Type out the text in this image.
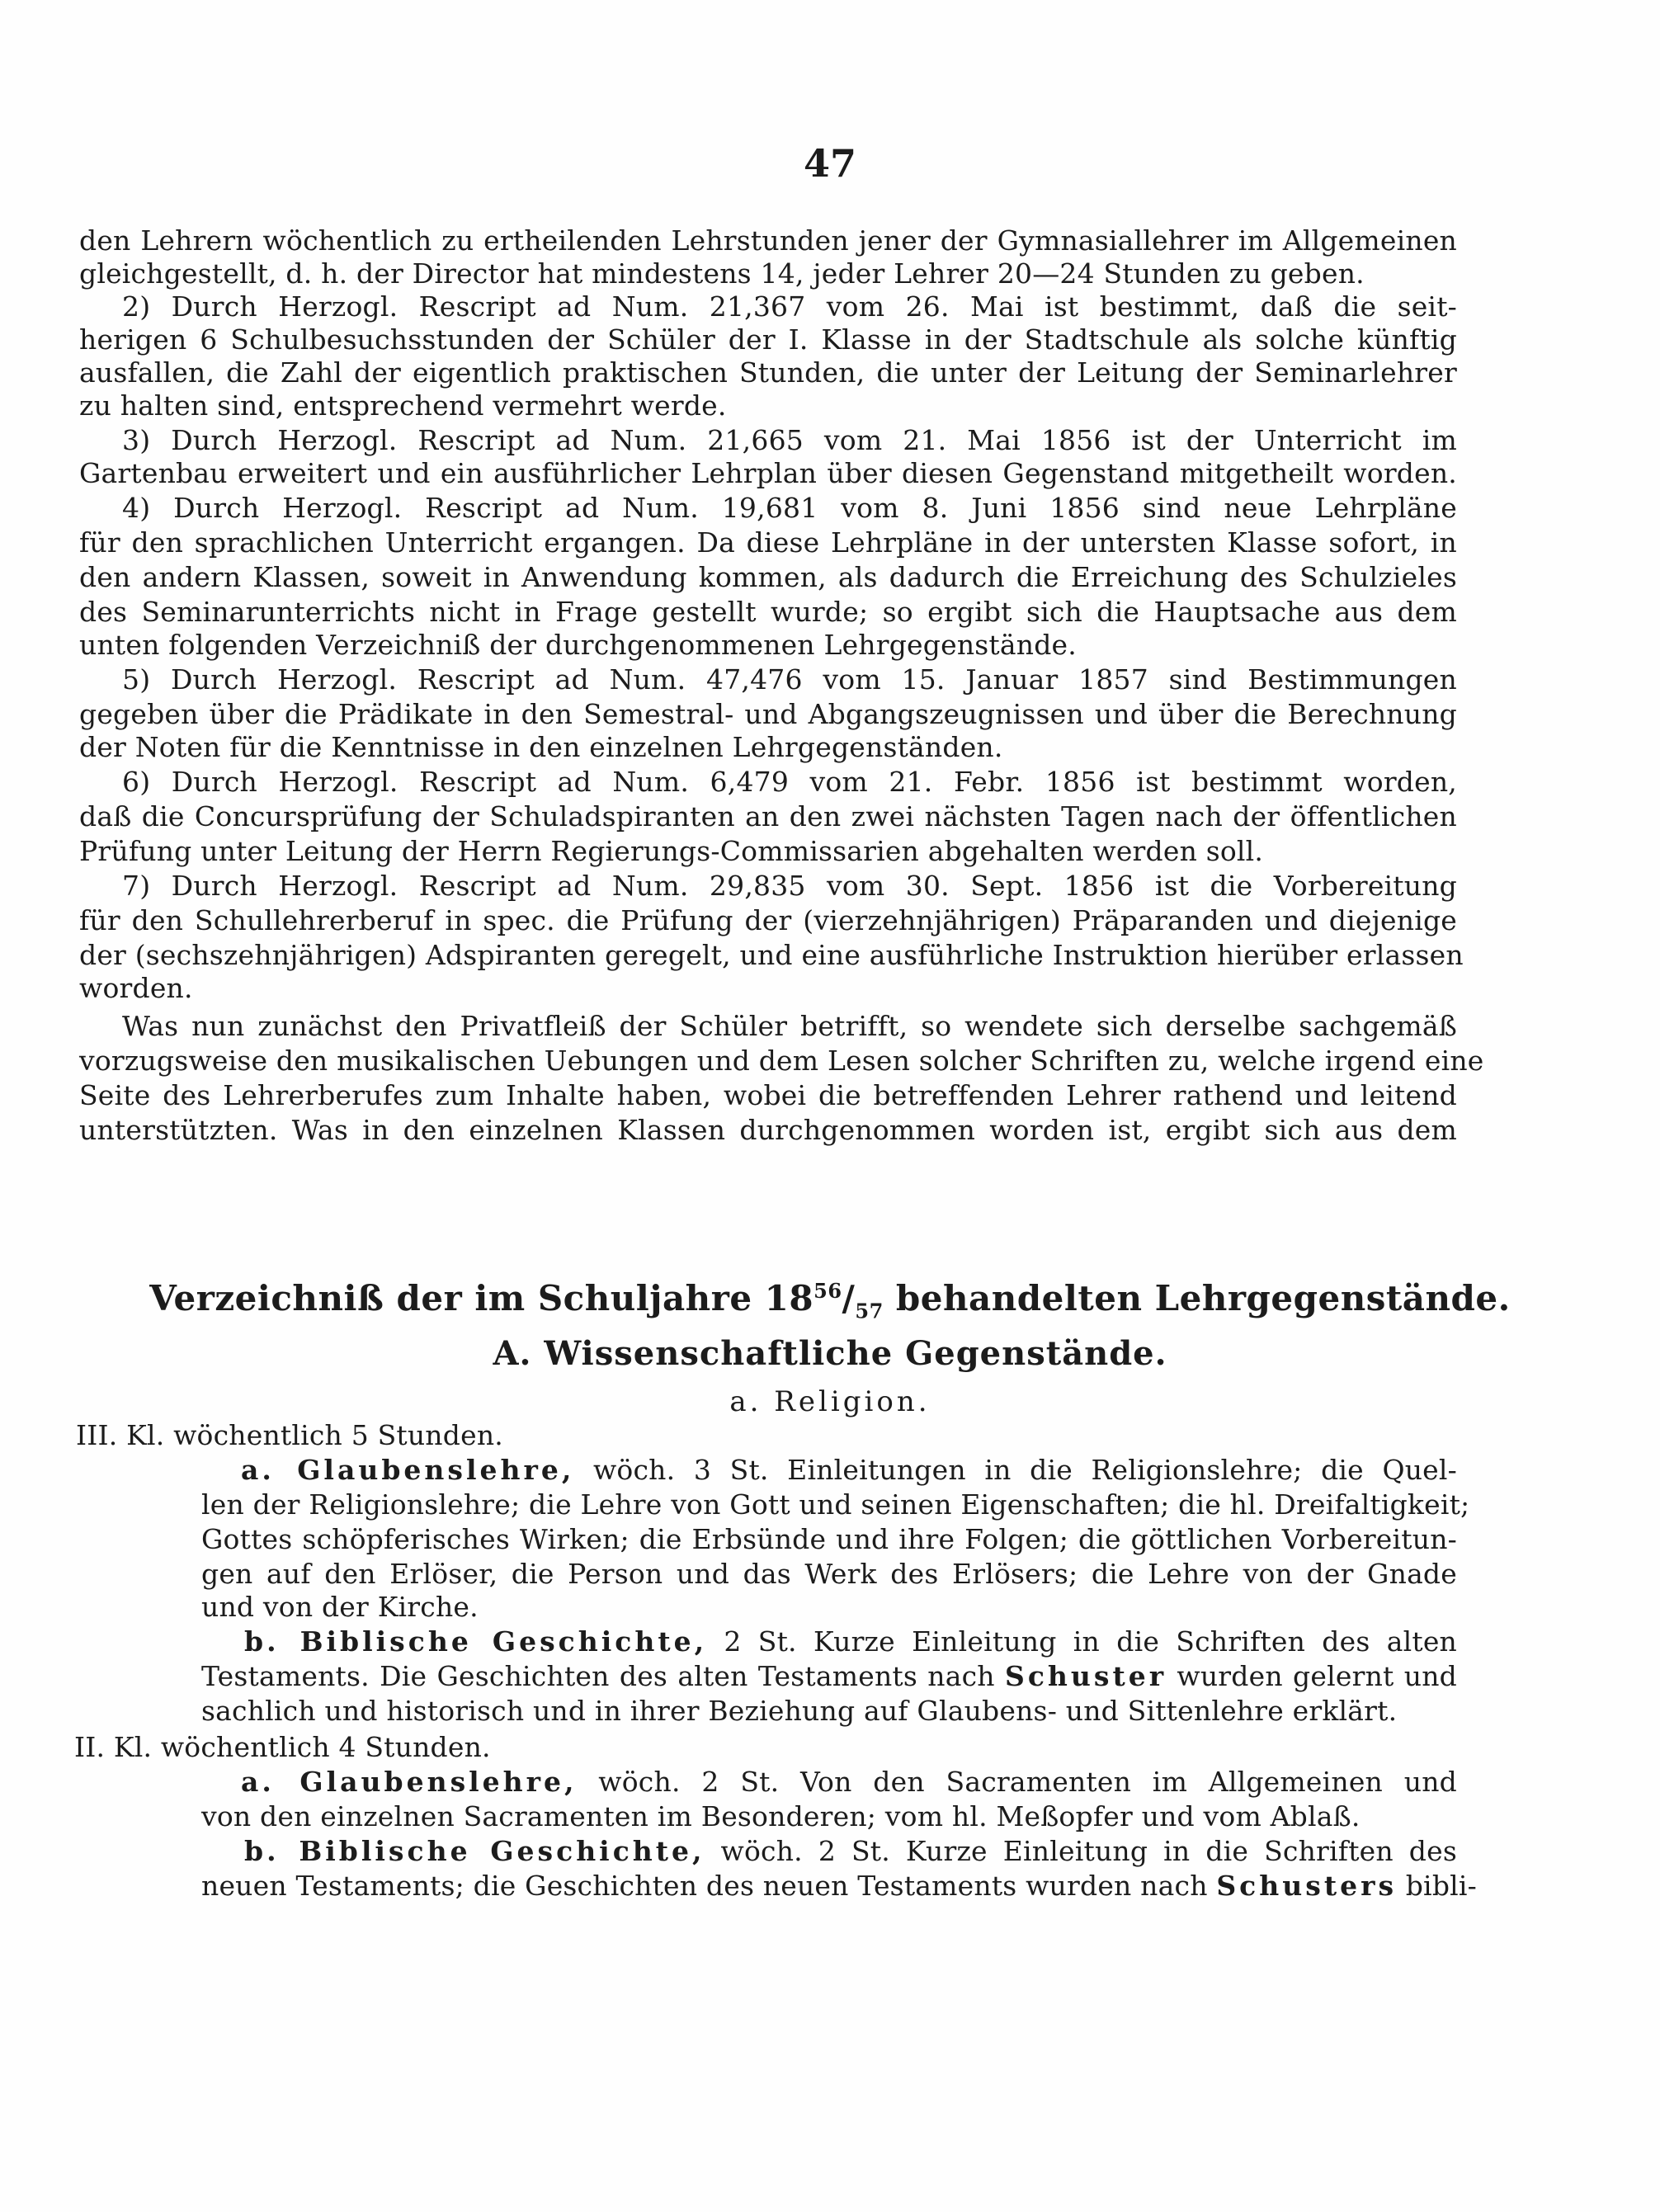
47
den Lehrern wöchentlich zu ertheilenden Lehrstunden jener der Gymnasiallehrer im Allgemeinen
gleichgestellt, d. h. der Director hat mindestens 14, jeder Lehrer 20—24 Stunden zu geben.
2) Durch Herzogl. Rescript ad Num. 21,367 vom 26. Mai ist bestimmt, daß die seit-
herigen 6 Schulbesuchsstunden der Schüler der I. Klasse in der Stadtschule als solche künftig
ausfallen, die Zahl der eigentlich praktischen Stunden, die unter der Leitung der Seminarlehrer
zu halten sind, entsprechend vermehrt werde.
3) Durch Herzogl. Rescript ad Num. 21,665 vom 21. Mai 1856 ist der Unterricht im
Gartenbau erweitert und ein ausführlicher Lehrplan über diesen Gegenstand mitgetheilt worden.
4) Durch Herzogl. Rescript ad Num. 19,681 vom 8. Juni 1856 sind neue Lehrpläne
für den sprachlichen Unterricht ergangen. Da diese Lehrpläne in der untersten Klasse sofort, in
den andern Klassen, soweit in Anwendung kommen, als dadurch die Erreichung des Schulzieles
des Seminarunterrichts nicht in Frage gestellt wurde; so ergibt sich die Hauptsache aus dem
unten folgenden Verzeichniß der durchgenommenen Lehrgegenstände.
5) Durch Herzogl. Rescript ad Num. 47,476 vom 15. Januar 1857 sind Bestimmungen
gegeben über die Prädikate in den Semestral- und Abgangszeugnissen und über die Berechnung
der Noten für die Kenntnisse in den einzelnen Lehrgegenständen.
6) Durch Herzogl. Rescript ad Num. 6,479 vom 21. Febr. 1856 ist bestimmt worden,
daß die Concursprüfung der Schuladspiranten an den zwei nächsten Tagen nach der öffentlichen
Prüfung unter Leitung der Herrn Regierungs-Commissarien abgehalten werden soll.
7) Durch Herzogl. Rescript ad Num. 29,835 vom 30. Sept. 1856 ist die Vorbereitung
für den Schullehrerberuf in spec. die Prüfung der (vierzehnjährigen) Präparanden und diejenige
der (sechszehnjährigen) Adspiranten geregelt, und eine ausführliche Instruktion hierüber erlassen
worden.
Was nun zunächst den Privatfleiß der Schüler betrifft, so wendete sich derselbe sachgemäß
vorzugsweise den musikalischen Uebungen und dem Lesen solcher Schriften zu, welche irgend eine
Seite des Lehrerberufes zum Inhalte haben, wobei die betreffenden Lehrer rathend und leitend
unterstützten. Was in den einzelnen Klassen durchgenommen worden ist, ergibt sich aus dem
Verzeichniß der im Schuljahre $18^{56}/_{57}$ behandelten Lehrgegenstände.
A. Wissenschaftliche Gegenstände.
a. Religion.
III. Kl. wöchentlich 5 Stunden.
a. Glaubenslehre, wöch. 3 St. Einleitungen in die Religionslehre; die Quel-
len der Religionslehre; die Lehre von Gott und seinen Eigenschaften; die hl. Dreifaltigkeit;
Gottes schöpferisches Wirken; die Erbsünde und ihre Folgen; die göttlichen Vorbereitun-
gen auf den Erlöser, die Person und das Werk des Erlösers; die Lehre von der Gnade
und von der Kirche.
b. Biblische Geschichte, 2 St. Kurze Einleitung in die Schriften des alten
Testaments. Die Geschichten des alten Testaments nach Schuster wurden gelernt und
sachlich und historisch und in ihrer Beziehung auf Glaubens- und Sittenlehre erklärt.
II. Kl. wöchentlich 4 Stunden.
a. Glaubenslehre, wöch. 2 St. Von den Sacramenten im Allgemeinen und
von den einzelnen Sacramenten im Besonderen; vom hl. Meßopfer und vom Ablaß.
b. Biblische Geschichte, wöch. 2 St. Kurze Einleitung in die Schriften des
neuen Testaments; die Geschichten des neuen Testaments wurden nach Schusters bibli-
